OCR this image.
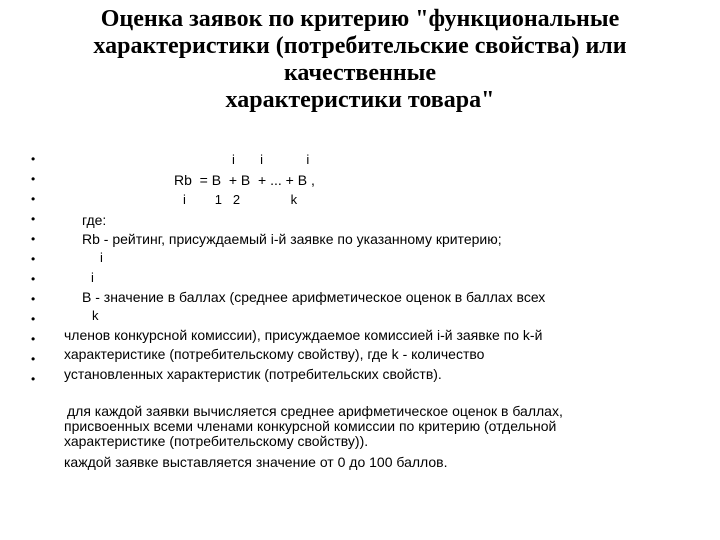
Оценка заявок по критерию "функциональные
характеристики (потребительские свойства) или
качественные
характеристики товара"
•
•
•
•
•
•
•
•
•
•
•
•
i       i            i
Rb  = B  + B  + ... + B ,
i        1   2              k
где:
Rb - рейтинг, присуждаемый i-й заявке по указанному критерию;
i
i
B - значение в баллах (среднее арифметическое оценок в баллах всех
k
членов конкурсной комиссии), присуждаемое комиссией i-й заявке по k-й
характеристике (потребительскому свойству), где k - количество
установленных характеристик (потребительских свойств).
для каждой заявки вычисляется среднее арифметическое оценок в баллах,
присвоенных всеми членами конкурсной комиссии по критерию (отдельной
характеристике (потребительскому свойству)).
каждой заявке выставляется значение от 0 до 100 баллов.
